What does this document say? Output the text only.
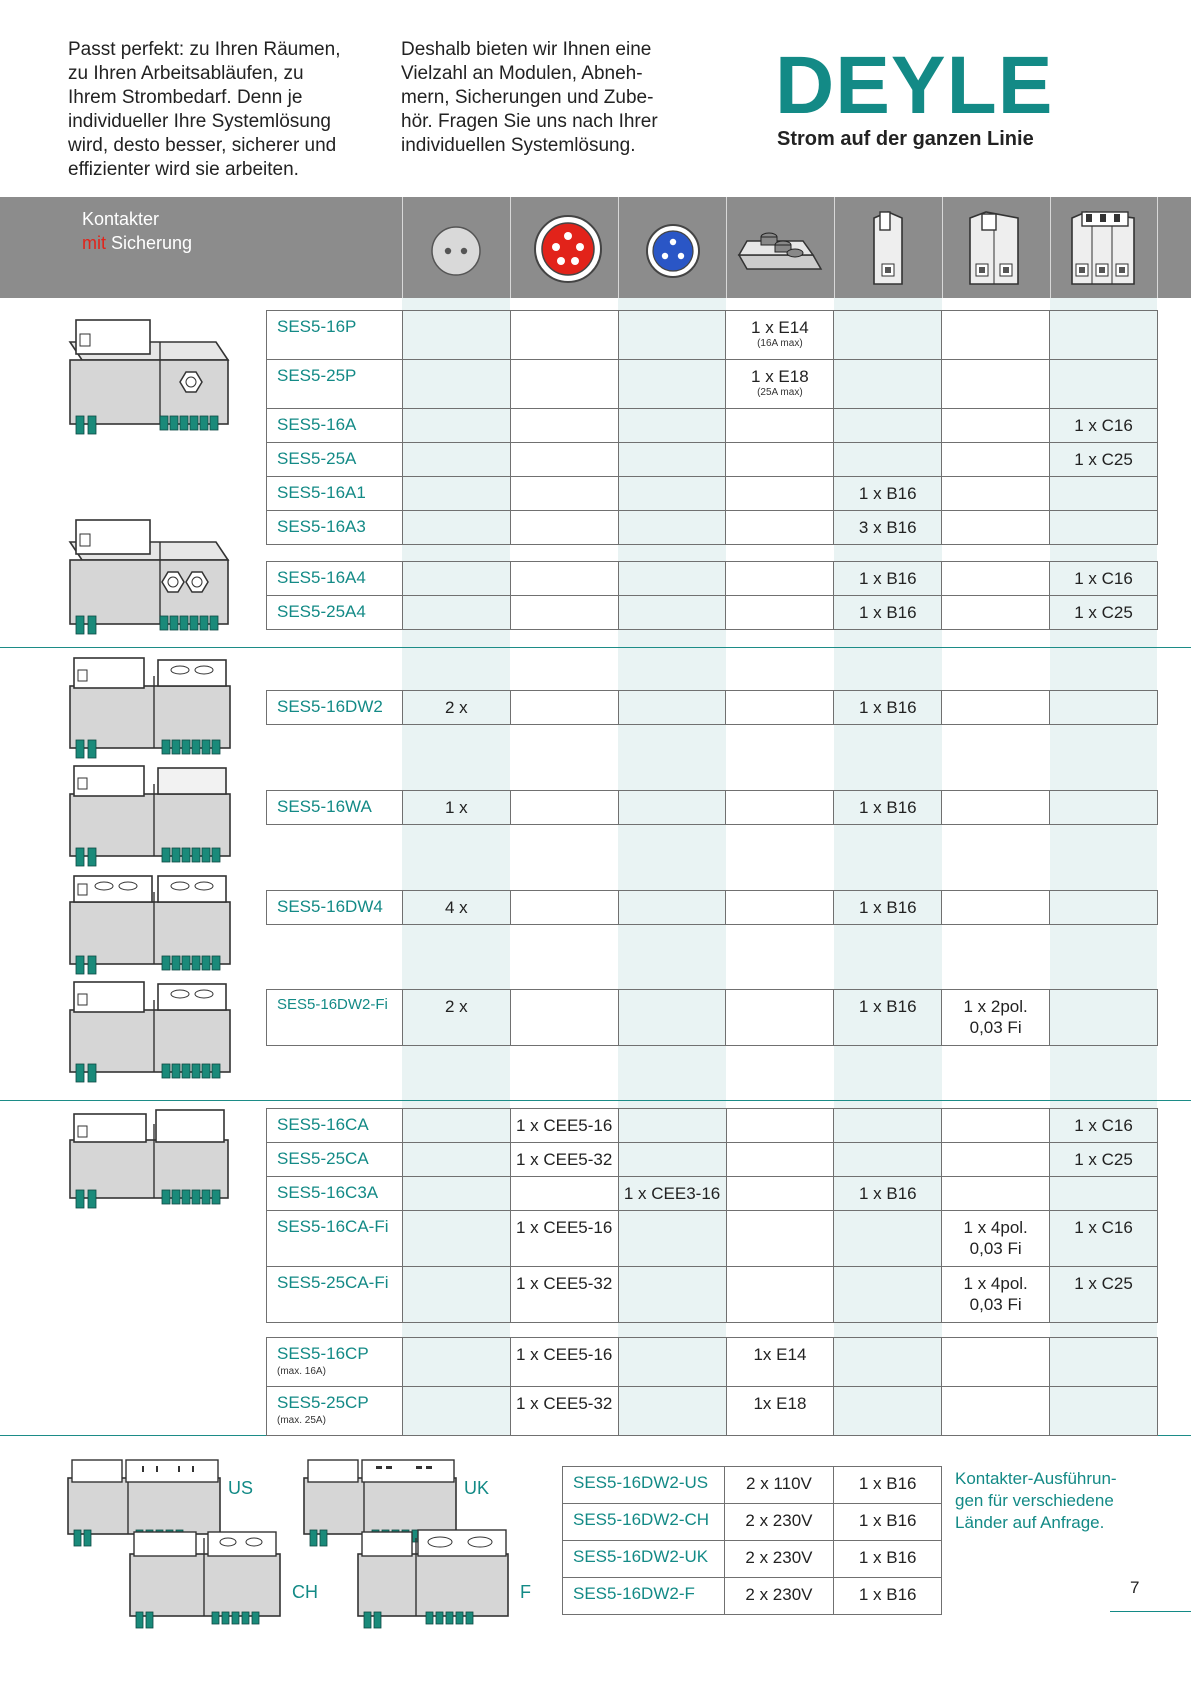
Passt perfekt: zu Ihren Räumen,
zu Ihren Arbeitsabläufen, zu
Ihrem Strombedarf. Denn je
individueller Ihre Systemlösung
wird, desto besser, sicherer und
effizienter wird sie arbeiten.
Deshalb bieten wir Ihnen eine
Vielzahl an Modulen, Abneh-
mern, Sicherungen und Zube-
hör. Fragen Sie uns nach Ihrer
individuellen Systemlösung.
DEYLE
Strom auf der ganzen Linie
Kontakter
mit Sicherung
SES5-16P				1 x E14
(16A max)			

SES5-25P				1 x E18
(25A max)			

SES5-16A							1 x C16
SES5-25A							1 x C25
SES5-16A1					1 x B16		
SES5-16A3					3 x B16		
SES5-16A4					1 x B16		1 x C16
SES5-25A4					1 x B16		1 x C25
SES5-16DW2	2 x				1 x B16		
SES5-16WA	1 x				1 x B16		
SES5-16DW4	4 x				1 x B16		
SES5-16DW2-Fi	2 x				1 x B16	1 x 2pol.
0,03 Fi

SES5-16CA		1 x CEE5-16					1 x C16
SES5-25CA		1 x CEE5-32					1 x C25
SES5-16C3A			1 x CEE3-16		1 x B16		
SES5-16CA-Fi		1 x CEE5-16				1 x 4pol.
0,03 Fi	1 x C16
SES5-25CA-Fi		1 x CEE5-32				1 x 4pol.
0,03 Fi	1 x C25
SES5-16CP
(max. 16A)		1 x CEE5-16		1x E14			
SES5-25CP
(max. 25A)		1 x CEE5-32		1x E18			
SES5-16DW2-US	2 x 110V	1 x B16
SES5-16DW2-CH	2 x 230V	1 x B16
SES5-16DW2-UK	2 x 230V	1 x B16
SES5-16DW2-F	2 x 230V	1 x B16
Kontakter-Ausführun-
gen für verschiedene
Länder auf Anfrage.
US	UK
CH	F	7
